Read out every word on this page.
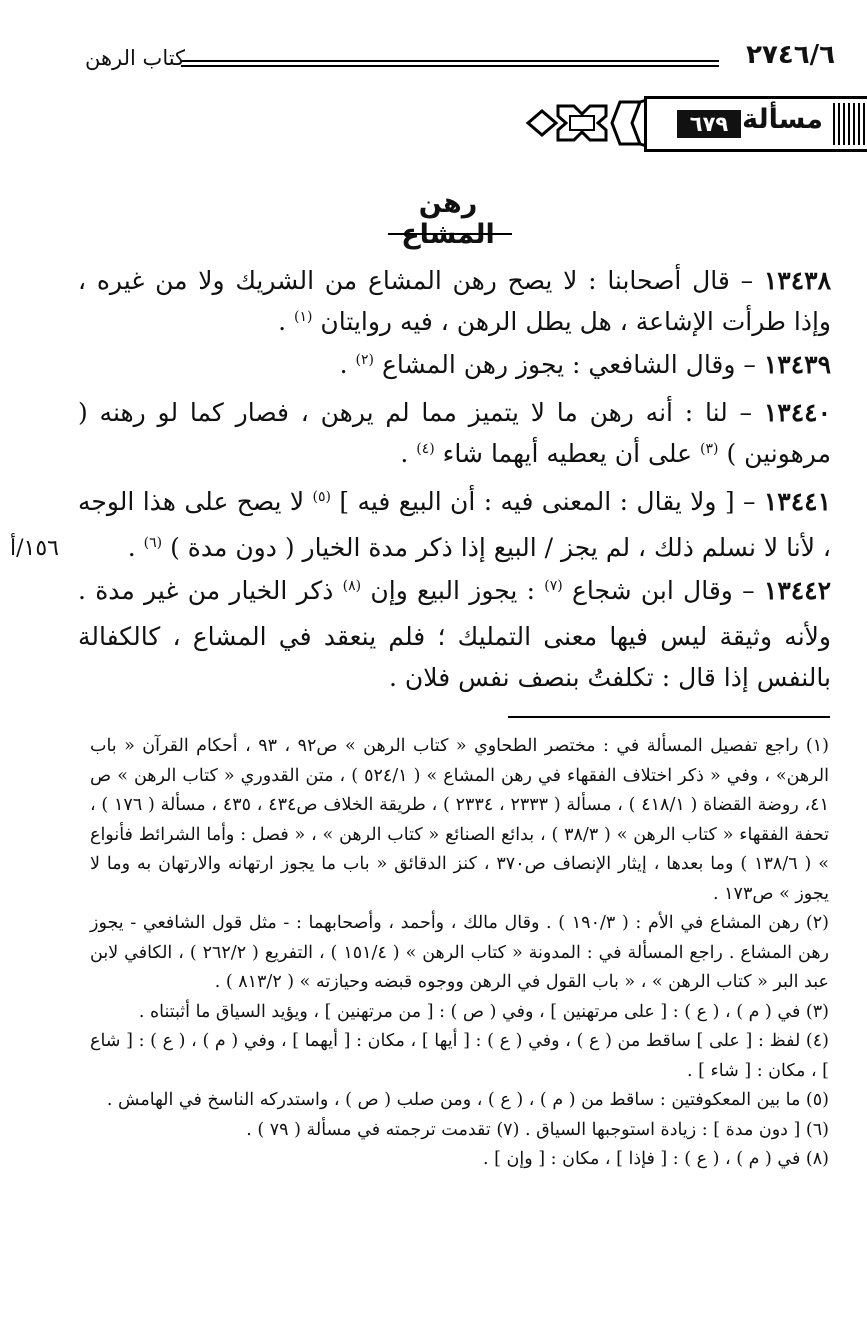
٢٧٤٦/٦
كتاب الرهن
مسألة
٦٧٩
رهن المشاع
١٥٦/أ

١٣٤٣٨ – قال أصحابنا : لا يصح رهن المشاع من الشريك ولا من غيره ، وإذا طرأت الإشاعة ، هل يطل الرهن ، فيه روايتان $^{(١)}$ .

١٣٤٣٩ – وقال الشافعي : يجوز رهن المشاع $^{(٢)}$ .

١٣٤٤٠ – لنا : أنه رهن ما لا يتميز مما لم يرهن ، فصار كما لو رهنه ( مرهونين ) $^{(٣)}$ على أن يعطيه أيهما شاء $^{(٤)}$ .

١٣٤٤١ – [ ولا يقال : المعنى فيه : أن البيع فيه ] $^{(٥)}$ لا يصح على هذا الوجه ، لأنا لا نسلم ذلك ، لم يجز / البيع إذا ذكر مدة الخيار ( دون مدة ) $^{(٦)}$ .

١٣٤٤٢ – وقال ابن شجاع $^{(٧)}$ : يجوز البيع وإن $^{(٨)}$ ذكر الخيار من غير مدة . ولأنه وثيقة ليس فيها معنى التمليك ؛ فلم ينعقد في المشاع ، كالكفالة بالنفس إذا قال : تكلفتُ بنصف نفس فلان .

(١) راجع تفصيل المسألة في : مختصر الطحاوي « كتاب الرهن » ص٩٢ ، ٩٣ ، أحكام القرآن « باب الرهن» ، وفي « ذكر اختلاف الفقهاء في رهن المشاع » ( ٥٢٤/١ ) ، متن القدوري « كتاب الرهن » ص ٤١، روضة القضاة ( ٤١٨/١ ) ، مسألة ( ٢٣٣٣ ، ٢٣٣٤ ) ، طريقة الخلاف ص٤٣٤ ، ٤٣٥ ، مسألة ( ١٧٦ ) ، تحفة الفقهاء « كتاب الرهن » ( ٣٨/٣ ) ، بدائع الصنائع « كتاب الرهن » ، « فصل : وأما الشرائط فأنواع » ( ١٣٨/٦ ) وما بعدها ، إيثار الإنصاف ص٣٧٠ ، كنز الدقائق « باب ما يجوز ارتهانه والارتهان به وما لا يجوز » ص١٧٣ .

(٢) رهن المشاع في الأم : ( ١٩٠/٣ ) . وقال مالك ، وأحمد ، وأصحابهما : - مثل قول الشافعي - يجوز رهن المشاع . راجع المسألة في : المدونة « كتاب الرهن » ( ١٥١/٤ ) ، التفريع ( ٢٦٢/٢ ) ، الكافي لابن عبد البر « كتاب الرهن » ، « باب القول في الرهن ووجوه قبضه وحيازته » ( ٨١٣/٢ ) .

(٣) في ( م ) ، ( ع ) : [ على مرتهنين ] ، وفي ( ص ) : [ من مرتهنين ] ، ويؤيد السياق ما أثبتناه .

(٤) لفظ : [ على ] ساقط من ( ع ) ، وفي ( ع ) : [ أيها ] ، مكان : [ أيهما ] ، وفي ( م ) ، ( ع ) : [ شاع ] ، مكان : [ شاء ] .

(٥) ما بين المعكوفتين : ساقط من ( م ) ، ( ع ) ، ومن صلب ( ص ) ، واستدركه الناسخ في الهامش .

(٦) [ دون مدة ] : زيادة استوجبها السياق . (٧) تقدمت ترجمته في مسألة ( ٧٩ ) .

(٨) في ( م ) ، ( ع ) : [ فإذا ] ، مكان : [ وإن ] .
